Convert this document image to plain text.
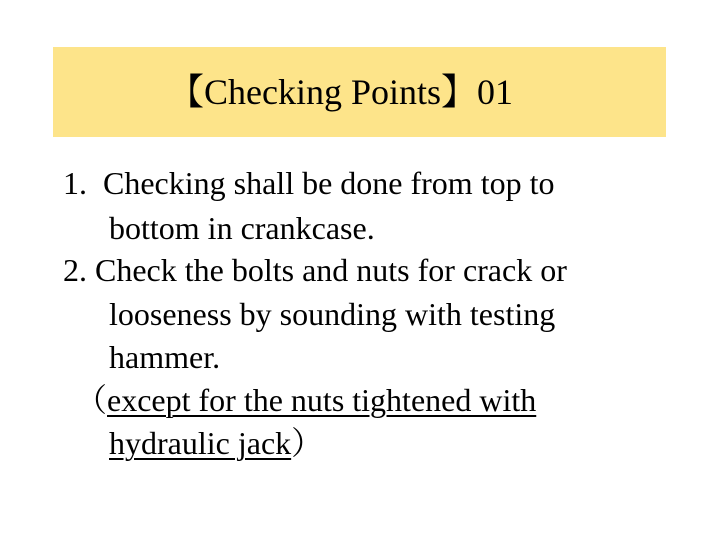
【Checking Points】01
1. Checking shall be done from top to
bottom in crankcase.
2. Check the bolts and nuts for crack or
looseness by sounding with testing
hammer.
（except for the nuts tightened with
hydraulic jack）
